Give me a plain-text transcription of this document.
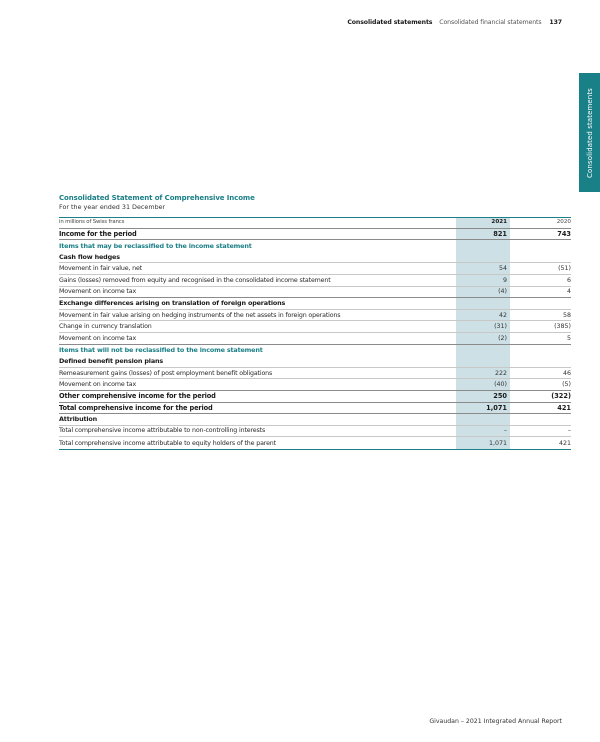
Consolidated statements Consolidated financial statements 137
Consolidated statements
Consolidated Statement of Comprehensive Income
For the year ended 31 December
in millions of Swiss francs	2021	2020
Income for the period	821	743
Items that may be reclassified to the income statement
Cash flow hedges
Movement in fair value, net	54	(51)
Gains (losses) removed from equity and recognised in the consolidated income statement	9	6
Movement on income tax	(4)	4
Exchange differences arising on translation of foreign operations
Movement in fair value arising on hedging instruments of the net assets in foreign operations	42	58
Change in currency translation	(31)	(385)
Movement on income tax	(2)	5
Items that will not be reclassified to the income statement
Defined benefit pension plans
Remeasurement gains (losses) of post employment benefit obligations	222	46
Movement on income tax	(40)	(5)
Other comprehensive income for the period	250	(322)
Total comprehensive income for the period	1,071	421
Attribution
Total comprehensive income attributable to non-controlling interests	–	–
Total comprehensive income attributable to equity holders of the parent	1,071	421
Givaudan – 2021 Integrated Annual Report
